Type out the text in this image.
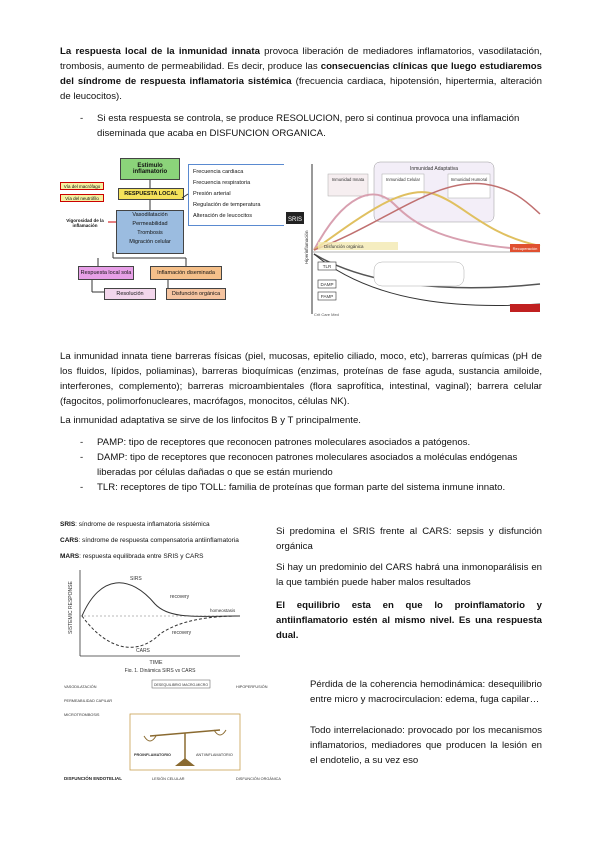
La respuesta local de la inmunidad innata provoca liberación de mediadores inflamatorios, vasodilatación, trombosis, aumento de permeabilidad. Es decir, produce las consecuencias clínicas que luego estudiaremos del síndrome de respuesta inflamatoria sistémica (frecuencia cardiaca, hipotensión, hipertermia, alteración de leucocitos).
-	Si esta respuesta se controla, se produce RESOLUCION, pero si continua provoca una inflamación diseminada que acaba en DISFUNCION ORGANICA.
Estimulo inflamatorio
Vía del macrófago
Vía del neutrófilo
RESPUESTA LOCAL
Vigorosidad de la inflamación
Vasodilatación
Permeabilidad
Trombosis
Migración celular
Frecuencia cardiaca
Frecuencia respiratoria
Presión arterial
Regulación de temperatura
Alteración de leucocitos
Respuesta local sola	Inflamación diseminada
Resolución	Disfunción orgánica
SRIS
Hiperinflamación
Inmunidad Adaptativa
Inmunidad Innata	Inmunidad Celular	Inmunidad Humoral
Disfunción orgánica	Recuperación
TLR
DAMP
PAMP
Crit Care Med
La inmunidad innata tiene barreras físicas (piel, mucosas, epitelio ciliado, moco, etc), barreras químicas (pH de los fluidos, lípidos, poliaminas), barreras bioquímicas (enzimas, proteínas de fase aguda, sustancia amiloide, interferones, complemento); barreras microambientales (flora saprofítica, intestinal, vaginal); barrera celular (fagocitos, polimorfonucleares, macrófagos, monocitos, células NK).
La inmunidad adaptativa se sirve de los linfocitos B y T principalmente.
-	PAMP: tipo de receptores que reconocen patrones moleculares asociados a patógenos.
-	DAMP: tipo de receptores que reconocen patrones moleculares asociados a moléculas endógenas liberadas por células dañadas o que se están muriendo
-	TLR: receptores de tipo TOLL: familia de proteínas que forman parte del sistema inmune innato.
SRIS: síndrome de respuesta inflamatoria sistémica
CARS: síndrome de respuesta compensatoria antiinflamatoria
MARS: respuesta equilibrada entre SRIS y CARS
SISTEMIC RESPONSE
SIRS
CARS
recovery
recovery
homeostasis
TIME
Fig. 1. Dinámica SIRS vs CARS
Si predomina el SRIS frente al CARS: sepsis y disfunción orgánica
Si hay un predominio del CARS habrá una inmonoparálisis en la que también puede haber malos resultados
El equilibrio esta en que lo proinflamatorio y antiinflamatorio estén al mismo nivel. Es una respuesta dual.
VASODILATACIÓN
PERMEABILIDAD CAPILAR
MICROTROMBOSIS
DESEQUILIBRIO MACRO-MICRO	HIPOPERFUSIÓN
PROINFLAMATORIO	ANTIINFLAMATORIO
DISFUNCIÓN ENDOTELIAL	LESIÓN CELULAR	DISFUNCIÓN ORGÁNICA
Pérdida de la coherencia hemodinámica: desequilibrio entre micro y macrocirculacion: edema, fuga capilar…
Todo interrelacionado: provocado por los mecanismos inflamatorios, mediadores que producen la lesión en el endotelio, a su vez eso
